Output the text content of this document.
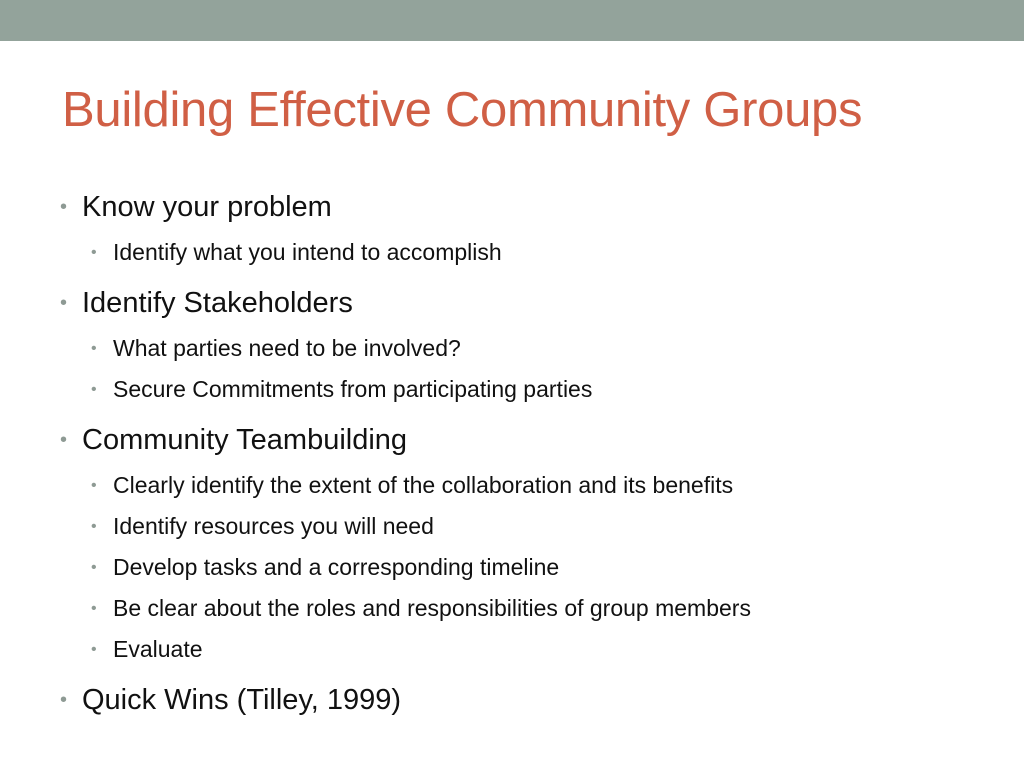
Building Effective Community Groups
• Know your problem
• Identify what you intend to accomplish
• Identify Stakeholders
• What parties need to be involved?
• Secure Commitments from participating parties
• Community Teambuilding
• Clearly identify the extent of the collaboration and its benefits
• Identify resources you will need
• Develop tasks and a corresponding timeline
• Be clear about the roles and responsibilities of group members
• Evaluate
• Quick Wins (Tilley, 1999)
